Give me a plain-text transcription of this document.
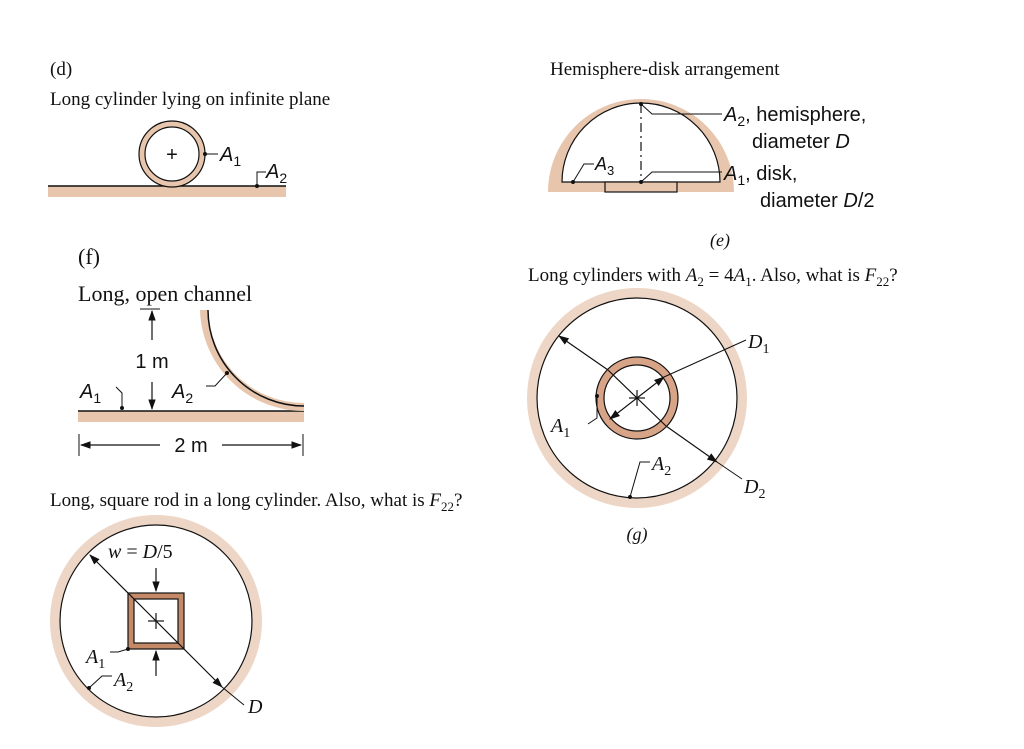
(d)
Long cylinder lying on infinite plane
Hemisphere-disk arrangement
(f)
Long, open channel
Long cylinders with $A_2 = 4A_1$. Also, what is $F_{22}$?
Long, square rod in a long cylinder. Also, what is $F_{22}$?
+ $A_1$ $A_2$
$A_2$, hemisphere,
diameter D
$A_1$, disk,
diameter D/2
$A_3$
(e)
1 m
$A_1$	$A_2$
2 m
$D_2$
$D_1$
$A_1$
$A_2$
(g)
D
w = D/5
$A_1$
$A_2$
